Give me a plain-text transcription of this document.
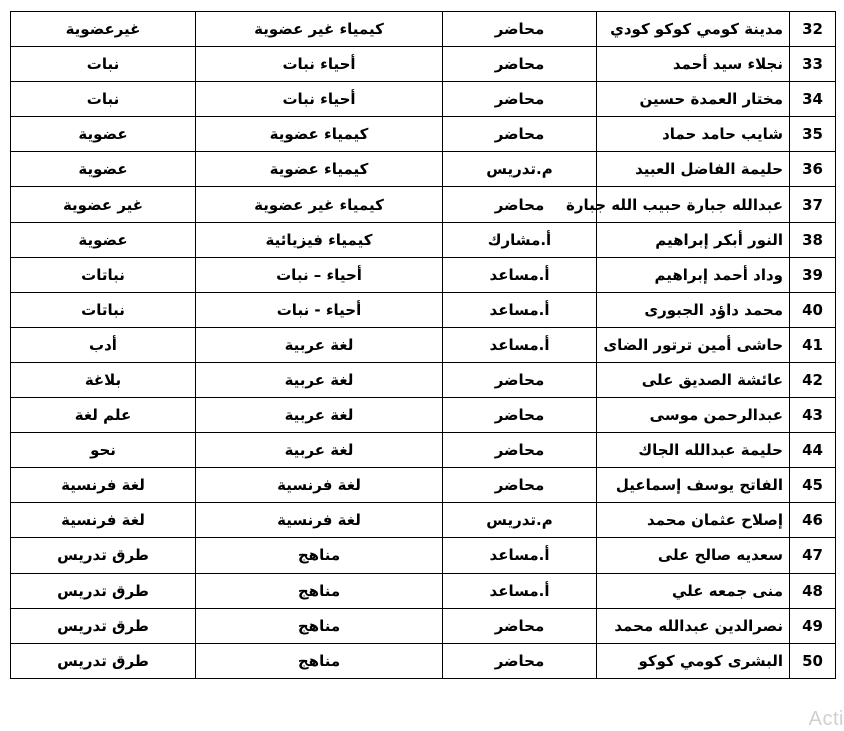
32	مدينة كومي كوكو كودي	محاضر	كيمياء غير عضوية	غيرعضوية
33	نجلاء سيد أحمد	محاضر	أحياء نبات	نبات
34	مختار العمدة حسين	محاضر	أحياء نبات	نبات
35	شايب حامد حماد	محاضر	كيمياء عضوية	عضوية
36	حليمة الفاضل العبيد	م.تدريس	كيمياء عضوية	عضوية
37	عبدالله جبارة حبيب الله جبارة	محاضر	كيمياء غير عضوية	غير عضوية
38	النور أبكر إبراهيم	أ.مشارك	كيمياء فيزيائية	عضوية
39	وداد أحمد إبراهيم	أ.مساعد	أحياء – نبات	نباتات
40	محمد داؤد الجبورى	أ.مساعد	أحياء - نبات	نباتات
41	حاشى أمين ترتور الضاى	أ.مساعد	لغة عربية	أدب
42	عائشة الصديق على	محاضر	لغة عربية	بلاغة
43	عبدالرحمن موسى	محاضر	لغة عربية	علم لغة
44	حليمة عبدالله الجاك	محاضر	لغة عربية	نحو
45	الفاتح يوسف إسماعيل	محاضر	لغة فرنسية	لغة فرنسية
46	إصلاح عثمان محمد	م.تدريس	لغة فرنسية	لغة فرنسية
47	سعديه صالح على	أ.مساعد	مناهج	طرق تدريس
48	منى جمعه علي	أ.مساعد	مناهج	طرق تدريس
49	نصرالدين عبدالله محمد	محاضر	مناهج	طرق تدريس
50	البشرى كومي كوكو	محاضر	مناهج	طرق تدريس
Acti
